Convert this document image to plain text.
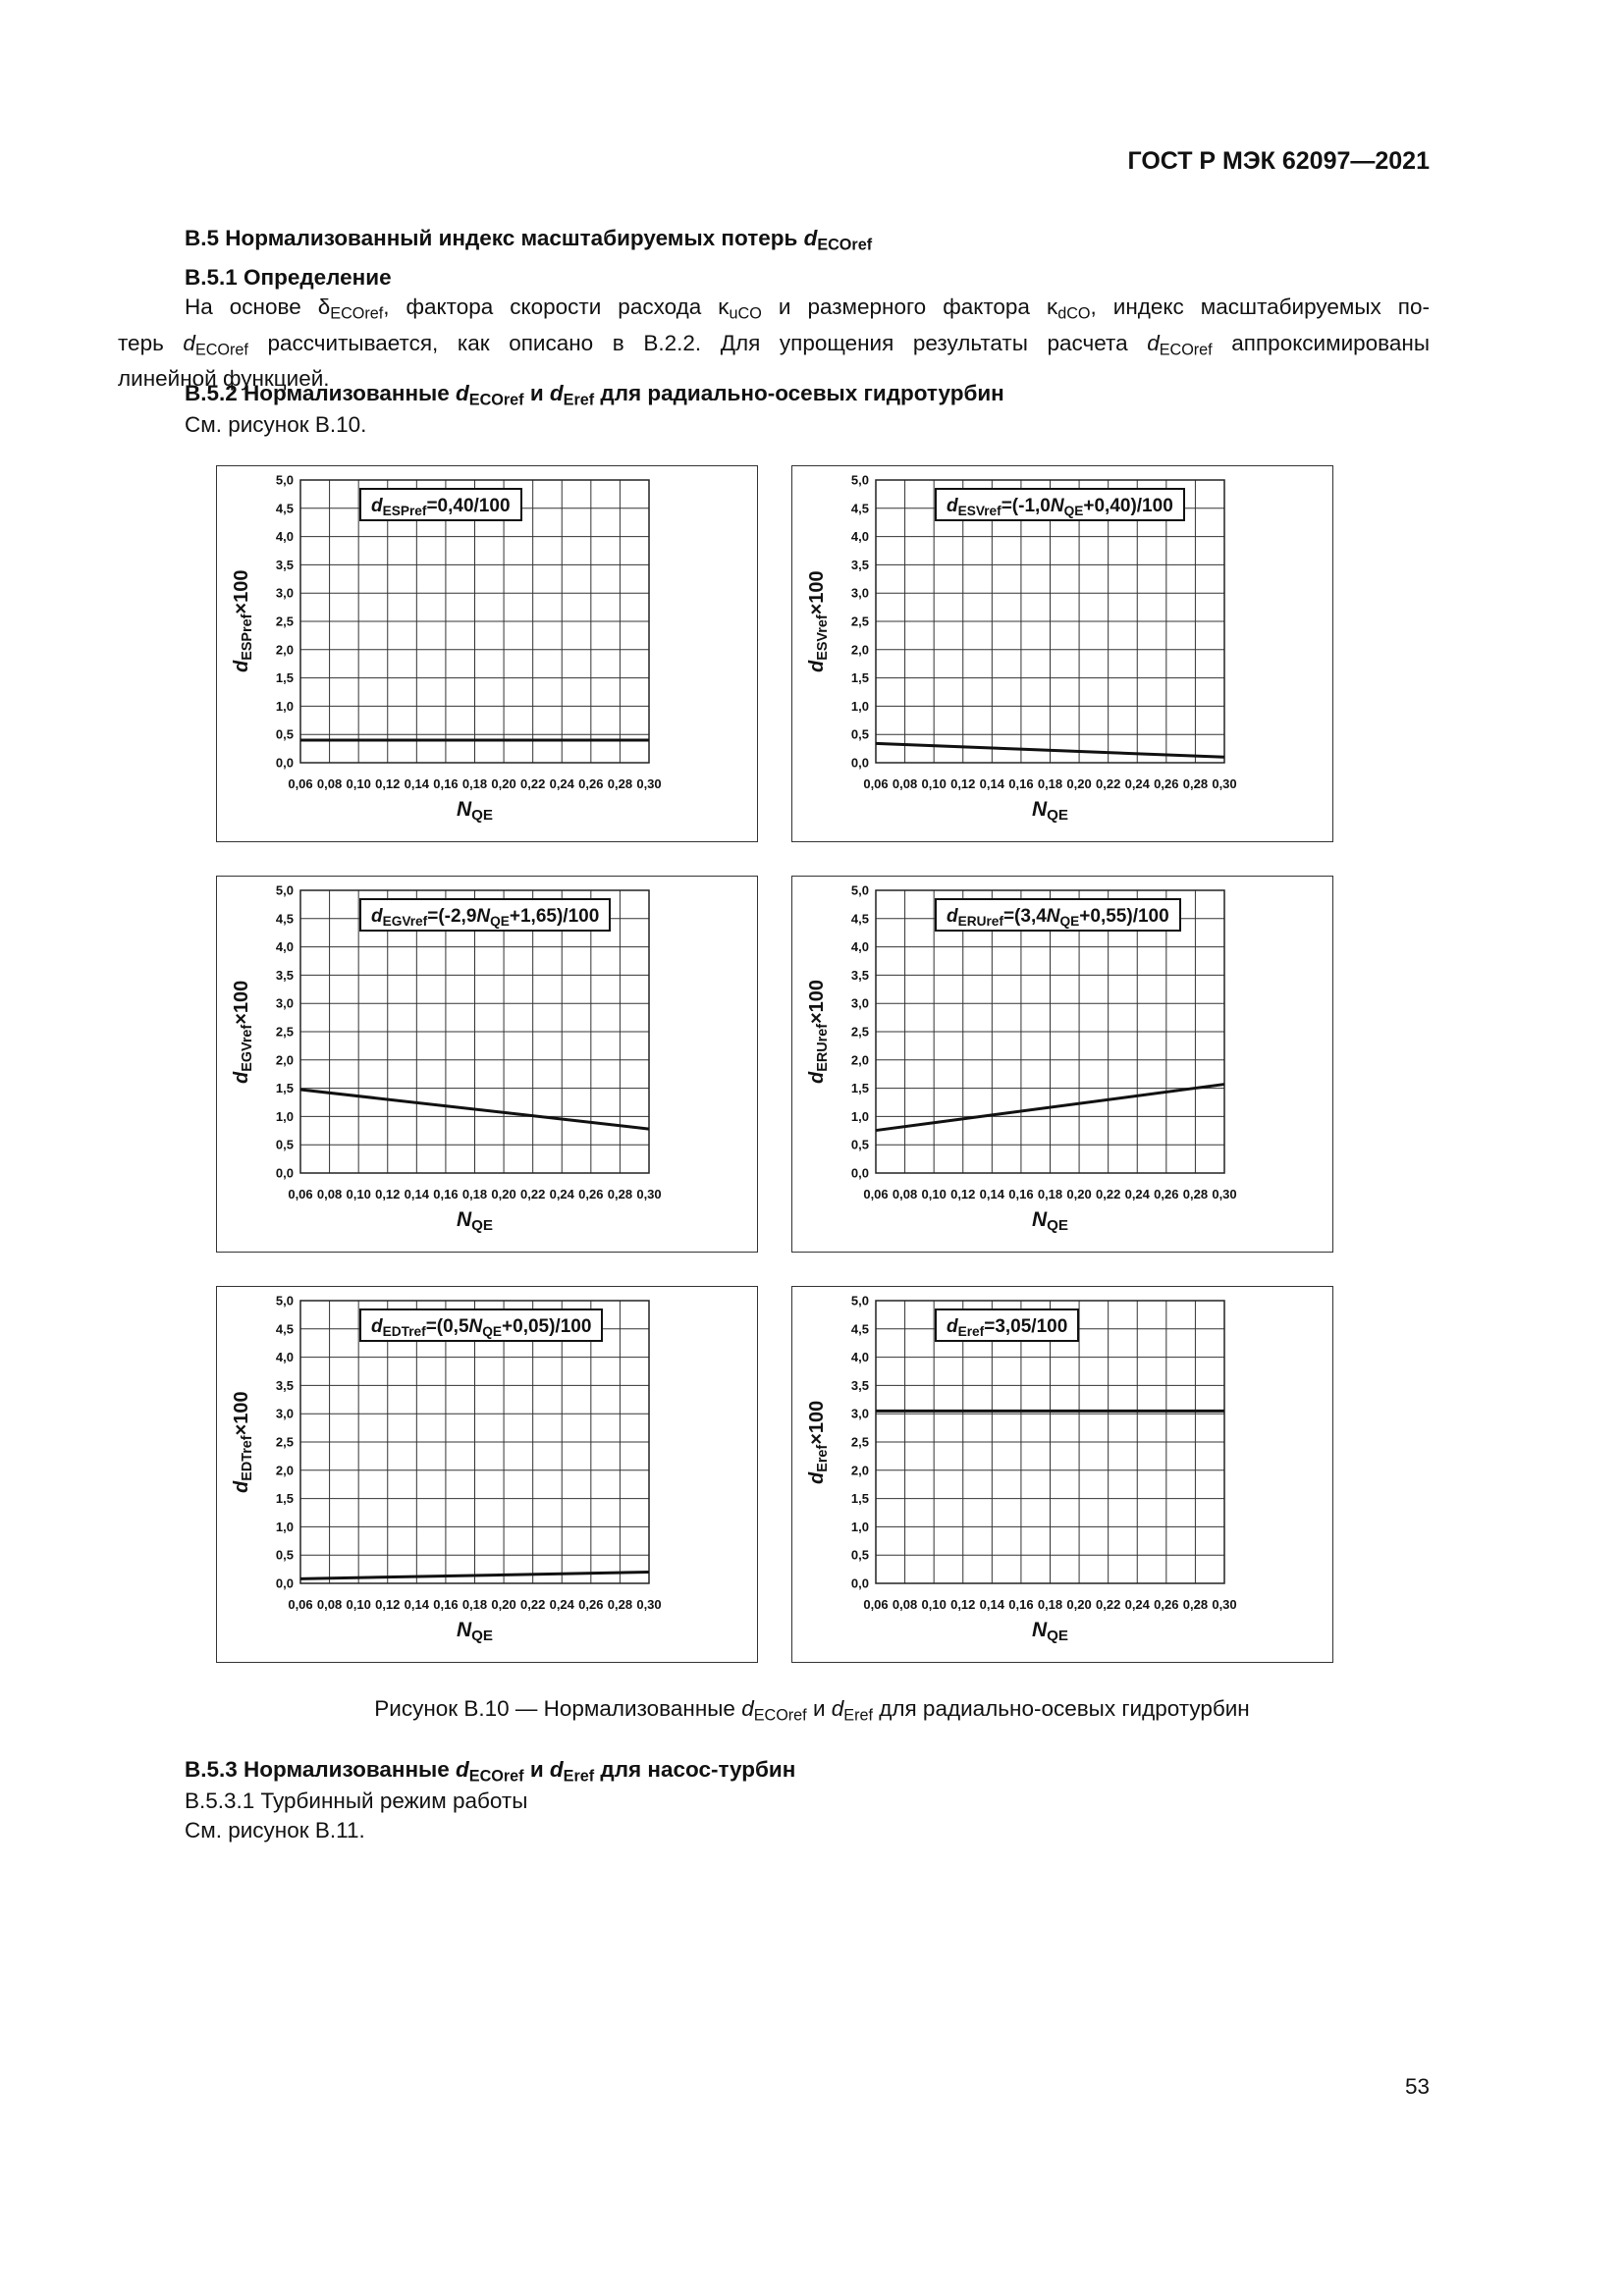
ГОСТ Р МЭК 62097—2021
В.5 Нормализованный индекс масштабируемых потерь $d_{ECOref}$
В.5.1 Определение
На основе $\delta_{ECOref}$, фактора скорости расхода $\kappa_{uCO}$ и размерного фактора $\kappa_{dCO}$, индекс масштабируемых по-
терь $d_{ECOref}$ рассчитывается, как описано в В.2.2. Для упрощения результаты расчета $d_{ECOref}$ аппроксимированы
линейной функцией.
В.5.2 Нормализованные $d_{ECOref}$ и $d_{Eref}$ для радиально-осевых гидротурбин
См. рисунок В.10.
0,0
0,5
1,0
1,5
2,0
2,5
3,0
3,5
4,0
4,5
5,0
0,06 0,08 0,10 0,12 0,14 0,16 0,18 0,20 0,22 0,24 0,26 0,28 0,30
$d_{ESPref}=0,40/100$
$N_{QE}$
$d_{ESPref}\times 100$
0,0
0,5
1,0
1,5
2,0
2,5
3,0
3,5
4,0
4,5
5,0
0,06 0,08 0,10 0,12 0,14 0,16 0,18 0,20 0,22 0,24 0,26 0,28 0,30
$d_{ESVref}=(-1,0N_{QE}+0,40)/100$
$N_{QE}$
$d_{ESVref}\times 100$
0,0
0,5
1,0
1,5
2,0
2,5
3,0
3,5
4,0
4,5
5,0
0,06 0,08 0,10 0,12 0,14 0,16 0,18 0,20 0,22 0,24 0,26 0,28 0,30
$d_{EGVref}=(-2,9N_{QE}+1,65)/100$
$N_{QE}$
$d_{EGVref}\times 100$
0,0
0,5
1,0
1,5
2,0
2,5
3,0
3,5
4,0
4,5
5,0
0,06 0,08 0,10 0,12 0,14 0,16 0,18 0,20 0,22 0,24 0,26 0,28 0,30
$d_{ERUref}=(3,4N_{QE}+0,55)/100$
$N_{QE}$
$d_{ERUref}\times 100$
0,0
0,5
1,0
1,5
2,0
2,5
3,0
3,5
4,0
4,5
5,0
0,06 0,08 0,10 0,12 0,14 0,16 0,18 0,20 0,22 0,24 0,26 0,28 0,30
$d_{EDTref}=(0,5N_{QE}+0,05)/100$
$N_{QE}$
$d_{EDTref}\times 100$
0,0
0,5
1,0
1,5
2,0
2,5
3,0
3,5
4,0
4,5
5,0
0,06 0,08 0,10 0,12 0,14 0,16 0,18 0,20 0,22 0,24 0,26 0,28 0,30
$d_{Eref}=3,05/100$
$N_{QE}$
$d_{Eref}\times 100$
Рисунок В.10 — Нормализованные $d_{ECOref}$ и $d_{Eref}$ для радиально-осевых гидротурбин
В.5.3 Нормализованные $d_{ECOref}$ и $d_{Eref}$ для насос-турбин
В.5.3.1 Турбинный режим работы
См. рисунок В.11.
53
